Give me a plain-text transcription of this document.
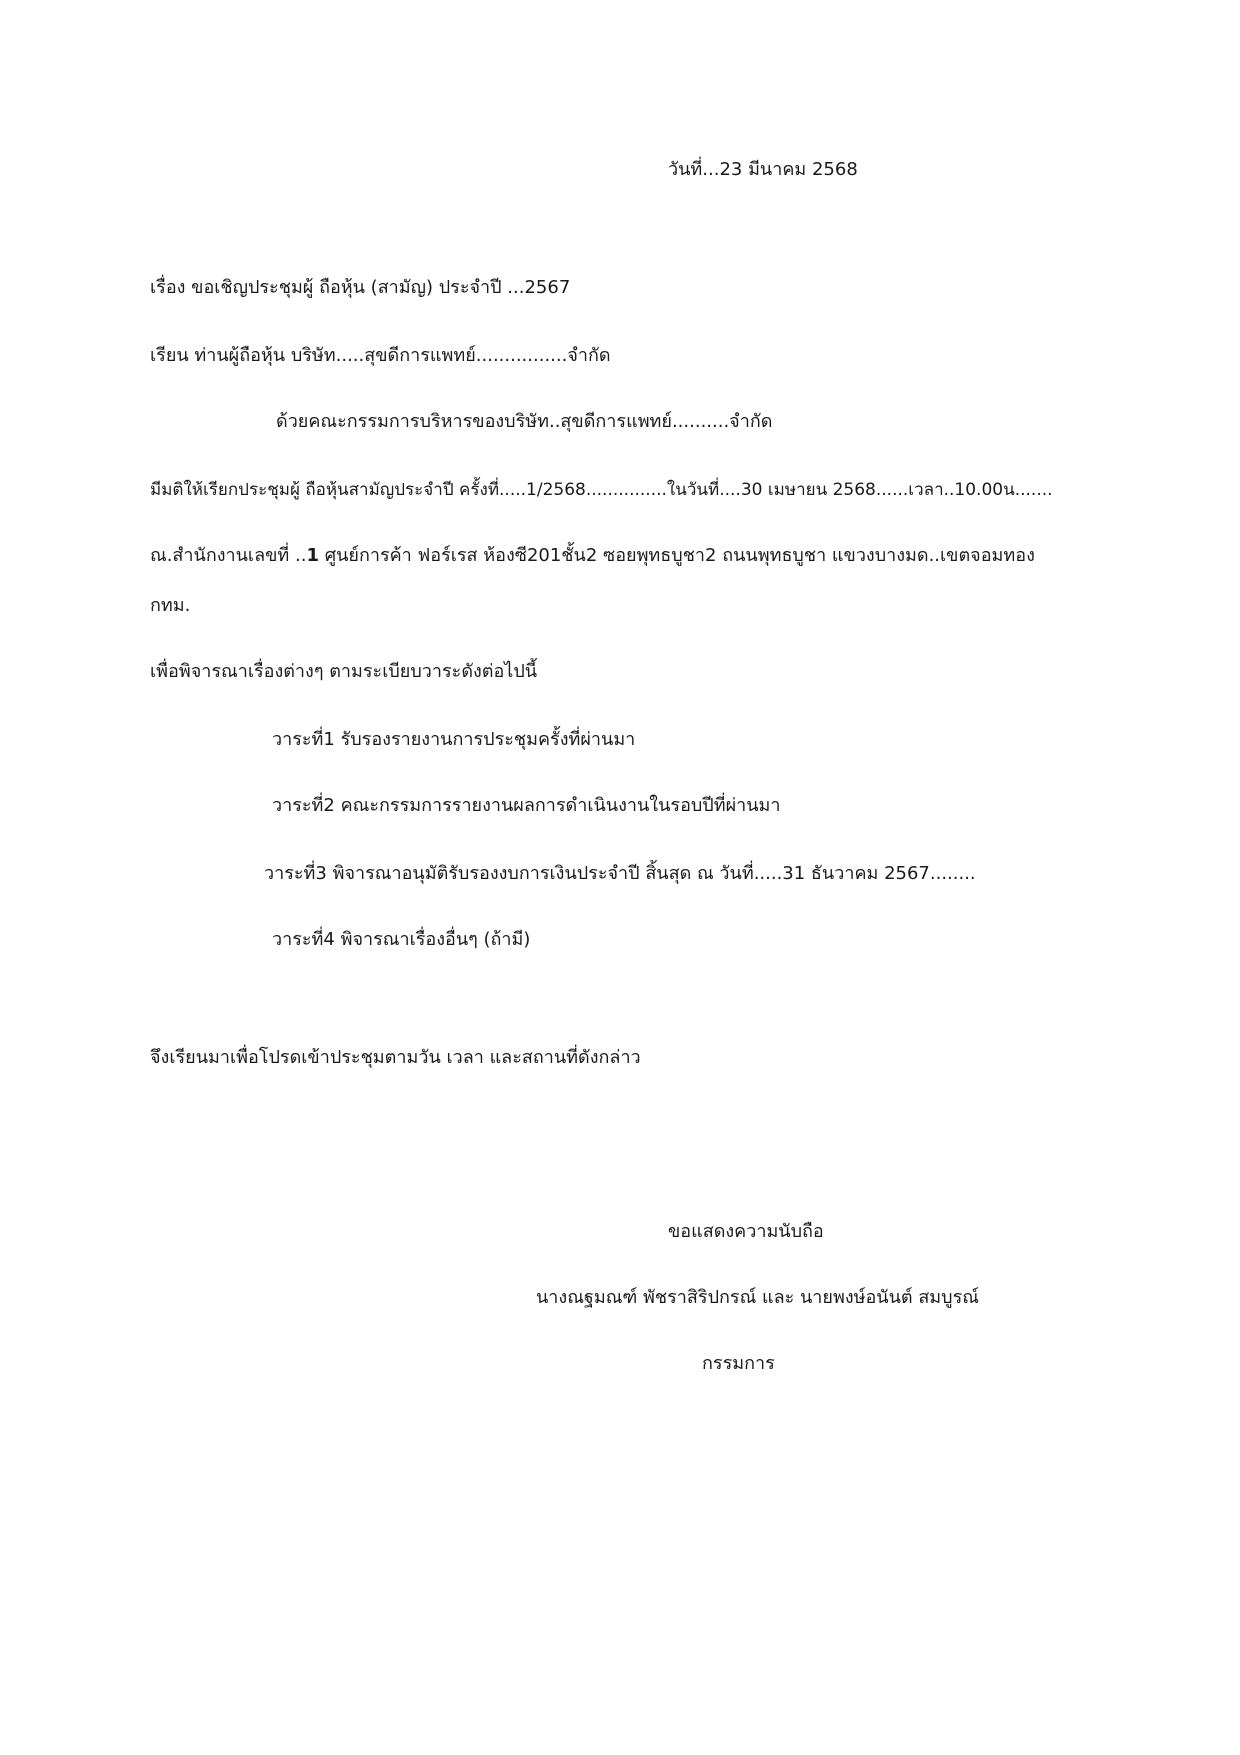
วันที่...23 มีนาคม 2568
เรื่อง ขอเชิญประชุมผู้ ถือหุ้น (สามัญ) ประจำปี ...2567
เรียน ท่านผู้ถือหุ้น บริษัท.....สุขดีการแพทย์................จำกัด
ด้วยคณะกรรมการบริหารของบริษัท..สุขดีการแพทย์..........จำกัด
มีมติให้เรียกประชุมผู้ ถือหุ้นสามัญประจำปี ครั้งที่.....1/2568...............ในวันที่....30 เมษายน 2568......เวลา..10.00น.......
ณ.สำนักงานเลขที่ ..1 ศูนย์การค้า ฟอร์เรส ห้องซี201ชั้น2 ซอยพุทธบูชา2 ถนนพุทธบูชา แขวงบางมด..เขตจอมทอง
กทม.
เพื่อพิจารณาเรื่องต่างๆ ตามระเบียบวาระดังต่อไปนี้
วาระที่1 รับรองรายงานการประชุมครั้งที่ผ่านมา
วาระที่2 คณะกรรมการรายงานผลการดำเนินงานในรอบปีที่ผ่านมา
วาระที่3 พิจารณาอนุมัติรับรองงบการเงินประจำปี สิ้นสุด ณ วันที่.....31 ธันวาคม 2567........
วาระที่4 พิจารณาเรื่องอื่นๆ (ถ้ามี)
จึงเรียนมาเพื่อโปรดเข้าประชุมตามวัน เวลา และสถานที่ดังกล่าว
ขอแสดงความนับถือ
นางณฐมณฑ์ พัชราสิริปกรณ์ และ นายพงษ์อนันต์ สมบูรณ์
กรรมการ
